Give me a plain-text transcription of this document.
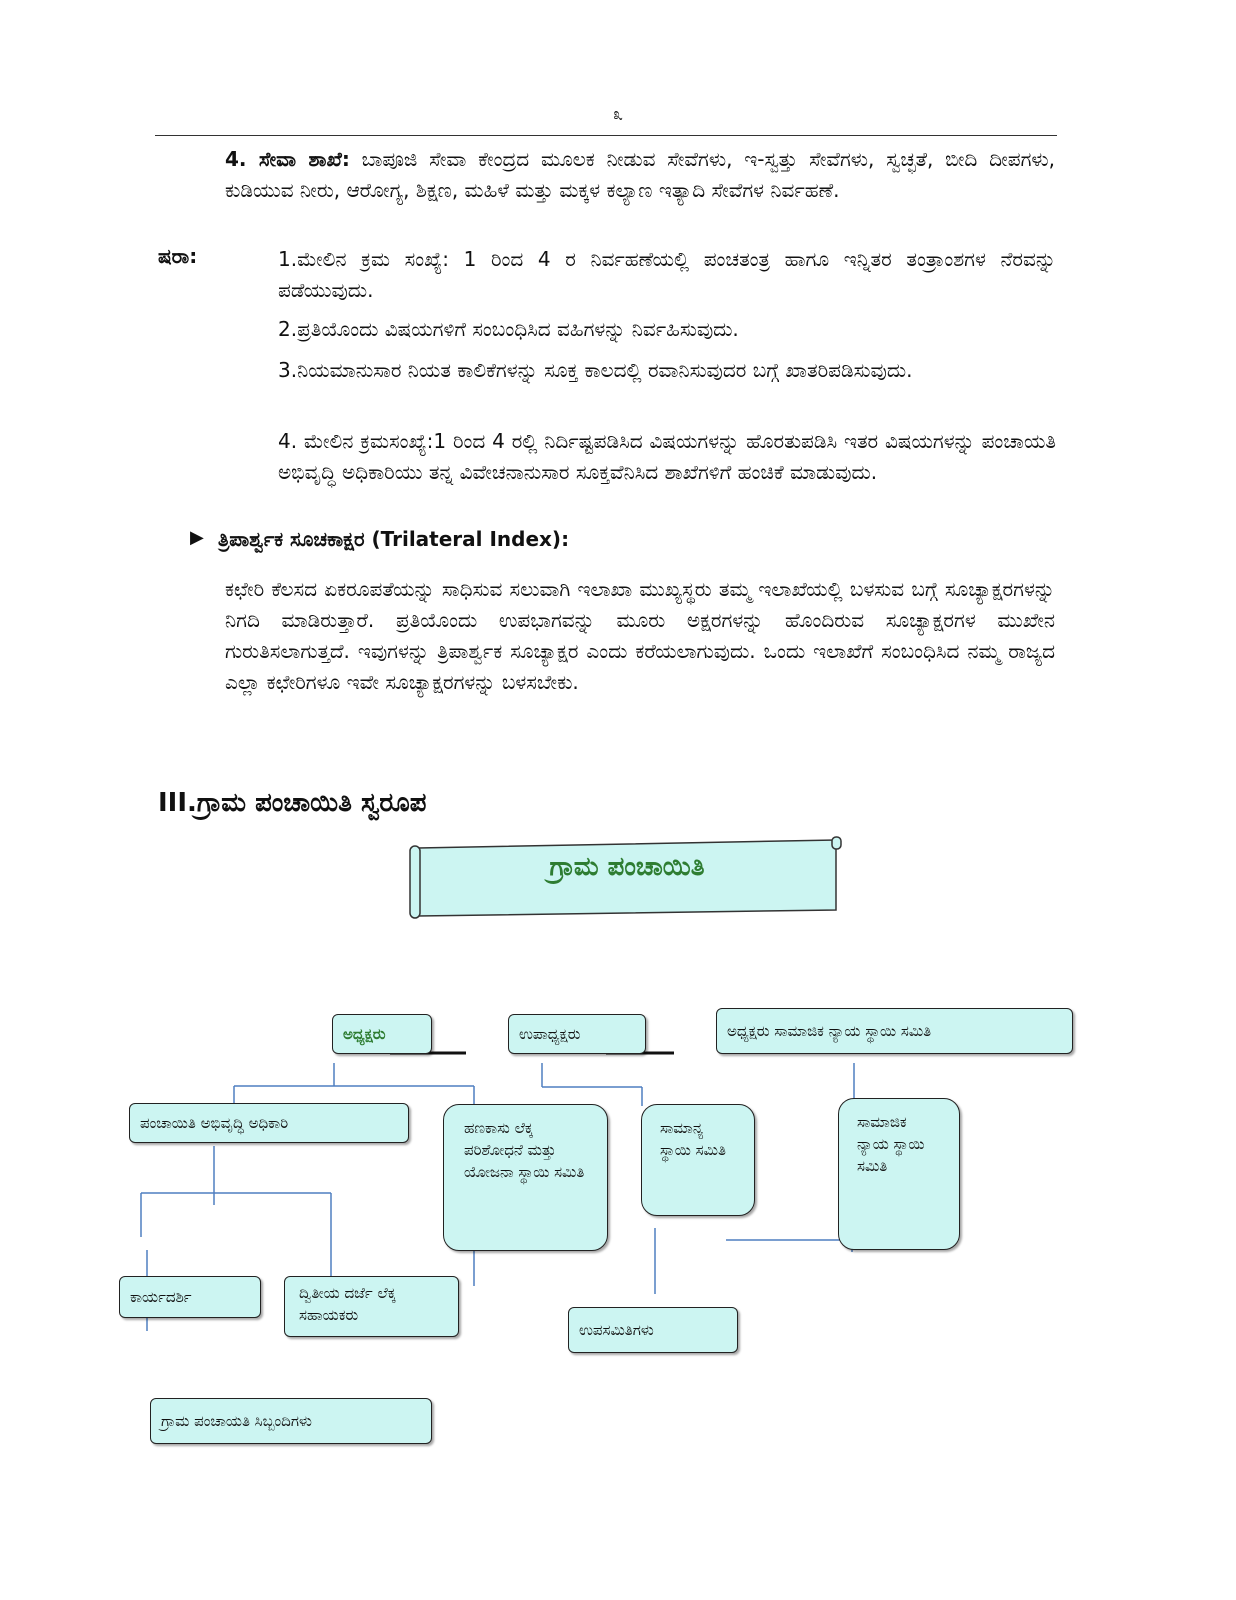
೩
4. ಸೇವಾ ಶಾಖೆ: ಬಾಪೂಜಿ ಸೇವಾ ಕೇಂದ್ರದ ಮೂಲಕ ನೀಡುವ ಸೇವೆಗಳು, ಇ-ಸ್ವತ್ತು ಸೇವೆಗಳು, ಸ್ವಚ್ಛತೆ, ಬೀದಿ ದೀಪಗಳು, ಕುಡಿಯುವ ನೀರು, ಆರೋಗ್ಯ, ಶಿಕ್ಷಣ, ಮಹಿಳೆ ಮತ್ತು ಮಕ್ಕಳ ಕಲ್ಯಾಣ ಇತ್ಯಾದಿ ಸೇವೆಗಳ ನಿರ್ವಹಣೆ.
ಷರಾ:	1.ಮೇಲಿನ ಕ್ರಮ ಸಂಖ್ಯೆ: 1 ರಿಂದ 4 ರ ನಿರ್ವಹಣೆಯಲ್ಲಿ ಪಂಚತಂತ್ರ ಹಾಗೂ ಇನ್ನಿತರ ತಂತ್ರಾಂಶಗಳ ನೆರವನ್ನು ಪಡೆಯುವುದು.
2.ಪ್ರತಿಯೊಂದು ವಿಷಯಗಳಿಗೆ ಸಂಬಂಧಿಸಿದ ವಹಿಗಳನ್ನು ನಿರ್ವಹಿಸುವುದು.
3.ನಿಯಮಾನುಸಾರ ನಿಯತ ಕಾಲಿಕೆಗಳನ್ನು ಸೂಕ್ತ ಕಾಲದಲ್ಲಿ ರವಾನಿಸುವುದರ ಬಗ್ಗೆ ಖಾತರಿಪಡಿಸುವುದು.
4. ಮೇಲಿನ ಕ್ರಮಸಂಖ್ಯೆ:1 ರಿಂದ 4 ರಲ್ಲಿ ನಿರ್ದಿಷ್ಟಪಡಿಸಿದ ವಿಷಯಗಳನ್ನು ಹೊರತುಪಡಿಸಿ ಇತರ ವಿಷಯಗಳನ್ನು ಪಂಚಾಯತಿ ಅಭಿವೃದ್ಧಿ ಅಧಿಕಾರಿಯು ತನ್ನ ವಿವೇಚನಾನುಸಾರ ಸೂಕ್ತವೆನಿಸಿದ ಶಾಖೆಗಳಿಗೆ ಹಂಚಿಕೆ ಮಾಡುವುದು.
▶ ತ್ರಿಪಾರ್ಶ್ವಕ ಸೂಚಕಾಕ್ಷರ (Trilateral Index):
ಕಛೇರಿ ಕೆಲಸದ ಏಕರೂಪತೆಯನ್ನು ಸಾಧಿಸುವ ಸಲುವಾಗಿ ಇಲಾಖಾ ಮುಖ್ಯಸ್ಥರು ತಮ್ಮ ಇಲಾಖೆಯಲ್ಲಿ ಬಳಸುವ ಬಗ್ಗೆ ಸೂಚ್ಯಾಕ್ಷರಗಳನ್ನು ನಿಗದಿ ಮಾಡಿರುತ್ತಾರೆ. ಪ್ರತಿಯೊಂದು ಉಪಭಾಗವನ್ನು ಮೂರು ಅಕ್ಷರಗಳನ್ನು ಹೊಂದಿರುವ ಸೂಚ್ಯಾಕ್ಷರಗಳ ಮುಖೇನ ಗುರುತಿಸಲಾಗುತ್ತದೆ. ಇವುಗಳನ್ನು ತ್ರಿಪಾರ್ಶ್ವಕ ಸೂಚ್ಯಾಕ್ಷರ ಎಂದು ಕರೆಯಲಾಗುವುದು. ಒಂದು ಇಲಾಖೆಗೆ ಸಂಬಂಧಿಸಿದ ನಮ್ಮ ರಾಜ್ಯದ ಎಲ್ಲಾ ಕಛೇರಿಗಳೂ ಇವೇ ಸೂಚ್ಯಾಕ್ಷರಗಳನ್ನು ಬಳಸಬೇಕು.
III.ಗ್ರಾಮ ಪಂಚಾಯಿತಿ ಸ್ವರೂಪ
ಗ್ರಾಮ ಪಂಚಾಯಿತಿ
ಅಧ್ಯಕ್ಷರು	ಉಪಾಧ್ಯಕ್ಷರು	ಅಧ್ಯಕ್ಷರು ಸಾಮಾಜಿಕ ನ್ಯಾಯ ಸ್ಥಾಯಿ ಸಮಿತಿ
ಪಂಚಾಯಿತಿ ಅಭಿವೃದ್ಧಿ ಅಧಿಕಾರಿ	ಹಣಕಾಸು ಲೆಕ್ಕ ಪರಿಶೋಧನೆ ಮತ್ತು ಯೋಜನಾ ಸ್ಥಾಯಿ ಸಮಿತಿ
ಸಾಮಾನ್ಯ ಸ್ಥಾಯಿ ಸಮಿತಿ
ಸಾಮಾಜಿಕ ನ್ಯಾಯ ಸ್ಥಾಯಿ ಸಮಿತಿ
ಕಾರ್ಯದರ್ಶಿ	ದ್ವಿತೀಯ ದರ್ಜೆ ಲೆಕ್ಕ ಸಹಾಯಕರು
ಉಪಸಮಿತಿಗಳು
ಗ್ರಾಮ ಪಂಚಾಯತಿ ಸಿಬ್ಬಂದಿಗಳು
